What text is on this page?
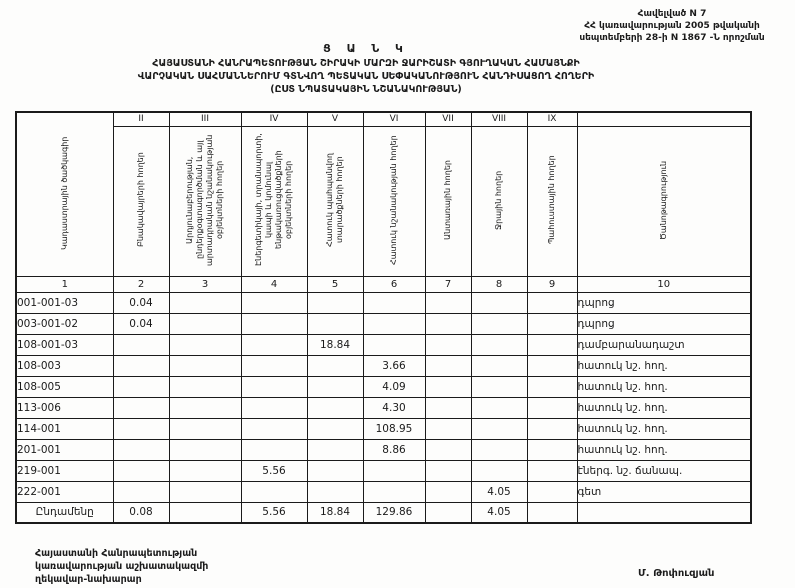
Հավելված N 7
ՀՀ կառավարության 2005 թվականի
սեպտեմբերի 28-ի N 1867 -Ն որոշման
Ց Ա Ն Կ
ՀԱՅԱՍՏԱՆԻ ՀԱՆՐԱՊԵՏՈՒԹՅԱՆ ՇԻՐԱԿԻ ՄԱՐԶԻ ՋԱՐԻՇԱՏԻ ԳՅՈՒՂԱԿԱՆ ՀԱՄԱՅՆՔԻ
ՎԱՐՉԱԿԱՆ ՍԱՀՄԱՆՆԵՐՈՒՄ ԳՏՆՎՈՂ ՊԵՏԱԿԱՆ ՍԵՓԱԿԱՆՈՒԹՅՈՒՆ ՀԱՆԴԻՍԱՑՈՂ ՀՈՂԵՐԻ
(ԸՍՏ ՆՊԱՏԱԿԱՅԻՆ ՆՇԱՆԱԿՈՒԹՅԱՆ)
Կադաստրային ծածկագիր	II	III	IV	V	VI	VII	VIII	IX	
	Բնակավայրերի հողեր	Արդյունաբերության, ընդերքօգտագործման և այլ արտադրական նշանակության օբյեկտների հողեր	Էներգետիկայի, տրանսպորտի, կապի և կոմունալ ենթակառուցվածքների օբյեկտների հողեր	Հատուկ պահպանվող տարածքների հողեր	Հատուկ նշանակության հողեր	Անտառային հողեր	Ջրային հողեր	Պահուստային հողեր	Ծանոթագրություն
1	2	3	4	5	6	7	8	9	10
001-001-03	0.04								դպրոց
003-001-02	0.04								դպրոց
108-001-03				18.84					դամբարանադաշտ
108-003					3.66				հատուկ նշ. հող.
108-005					4.09				հատուկ նշ. հող.
113-006					4.30				հատուկ նշ. հող.
114-001					108.95				հատուկ նշ. հող.
201-001					8.86				հատուկ նշ. հող.
219-001			5.56						էներգ. նշ. ճանապ.
222-001							4.05		գետ
Ընդամենը	0.08		5.56	18.84	129.86		4.05		
Հայաստանի Հանրապետության
կառավարության աշխատակազմի
ղեկավար-նախարար
Մ. Թոփուզյան
